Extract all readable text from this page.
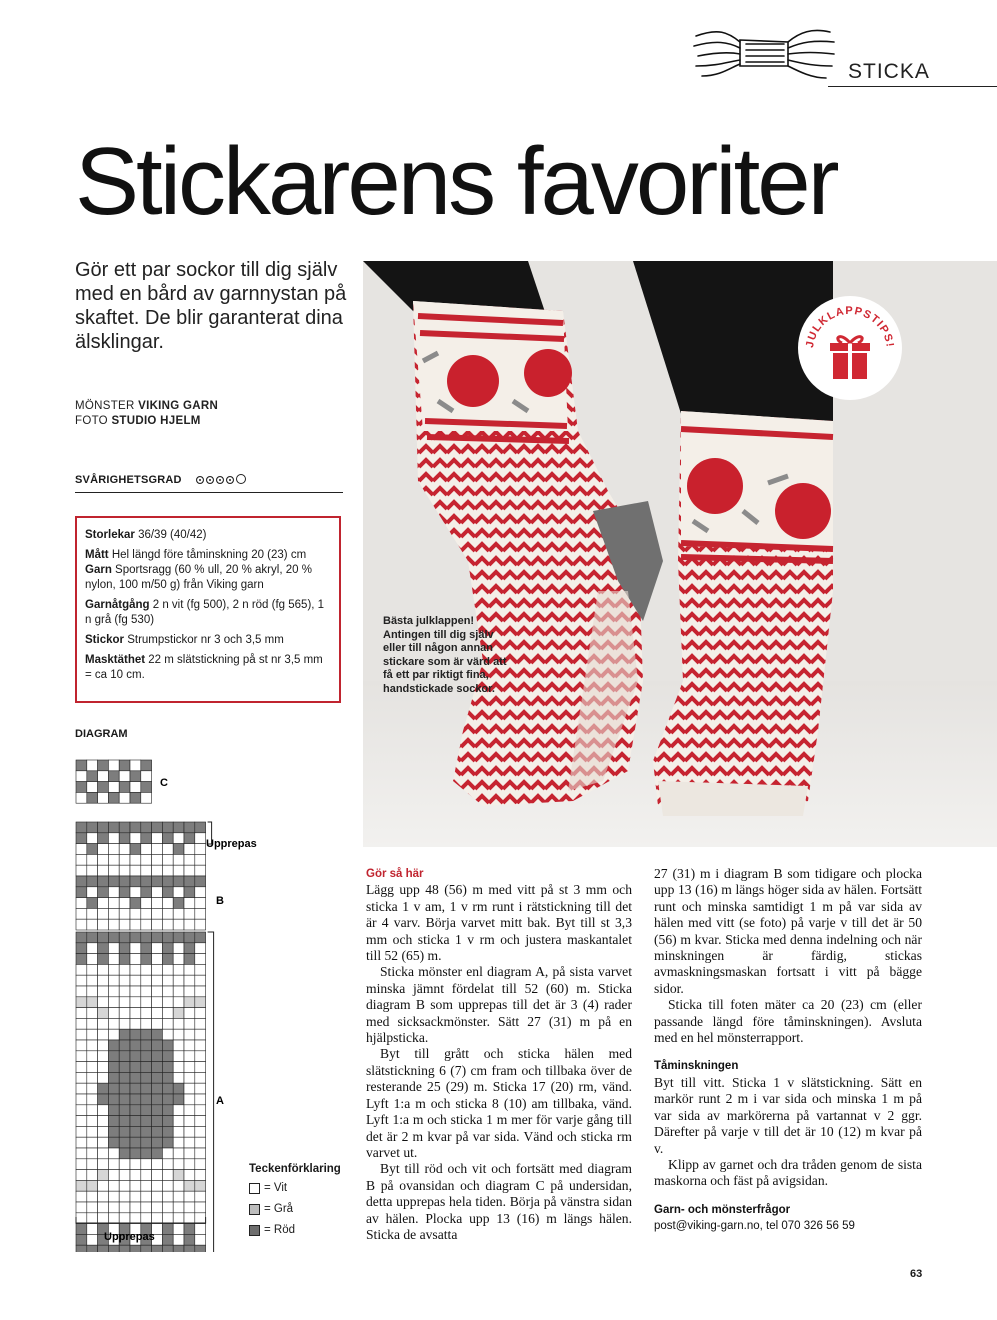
STICKA
Stickarens favoriter
Gör ett par sockor till dig själv med en bård av garnnystan på skaftet. De blir garanterat dina älsklingar.
MÖNSTER VIKING GARN
FOTO STUDIO HJELM
SVÅRIGHETSGRAD

Storlekar 36/39 (40/42)

Mått Hel längd före tåminskning 20 (23) cm

Garn Sportsragg (60 % ull, 20 % akryl, 20 % nylon, 100 m/50 g) från Viking garn

Garnåtgång 2 n vit (fg 500), 2 n röd (fg 565), 1 n grå (fg 530)

Stickor Strumpstickor nr 3 och 3,5 mm

Masktäthet 22 m slätstickning på st nr 3,5 mm = ca 10 cm.

DIAGRAM
C
Upprepas
B
A
Upprepas
Teckenförklaring
= Vit
= Grå
= Röd
JULKLAPPSTIPS!
Bästa julklappen! Antingen till dig själv eller till någon annan stickare som är värd att få ett par riktigt fina, handstickade sockor.
Gör så här

Lägg upp 48 (56) m med vitt på st 3 mm och sticka 1 v am, 1 v rm runt i rätstickning till det är 4 varv. Börja varvet mitt bak. Byt till st 3,3 mm och sticka 1 v rm och justera maskantalet till 52 (65) m.

Sticka mönster enl diagram A, på sista varvet minska jämnt fördelat till 52 (60) m. Sticka diagram B som upprepas till det är 3 (4) rader med sicksackmönster. Sätt 27 (31) m på en hjälpsticka.

Byt till grått och sticka hälen med slätstickning 6 (7) cm fram och tillbaka över de resterande 25 (29) m. Sticka 17 (20) rm, vänd. Lyft 1:a m och sticka 8 (10) am tillbaka, vänd. Lyft 1:a m och sticka 1 m mer för varje gång till det är 2 m kvar på var sida. Vänd och sticka rm varvet ut.

Byt till röd och vit och fortsätt med diagram B på ovansidan och diagram C på undersidan, detta upprepas hela tiden. Börja på vänstra sidan av hälen. Plocka upp 13 (16) m längs hälen. Sticka de avsatta

27 (31) m i diagram B som tidigare och plocka upp 13 (16) m längs höger sida av hälen. Fortsätt runt och minska samtidigt 1 m på var sida av hälen med vitt (se foto) på varje v till det är 50 (56) m kvar. Sticka med denna indelning och när minskningen är färdig, stickas avmaskningsmaskan fortsatt i vitt på bägge sidor.

Sticka till foten mäter ca 20 (23) cm (eller passande längd före tåminskningen). Avsluta med en hel mönsterrapport.

Tåminskningen

Byt till vitt. Sticka 1 v slätstickning. Sätt en markör runt 2 m i var sida och minska 1 m på var sida av markörerna på vartannat v 2 ggr. Därefter på varje v till det är 10 (12) m kvar på v.

Klipp av garnet och dra tråden genom de sista maskorna och fäst på avigsidan.

Garn- och mönsterfrågor
post@viking-garn.no, tel 070 326 56 59
63
